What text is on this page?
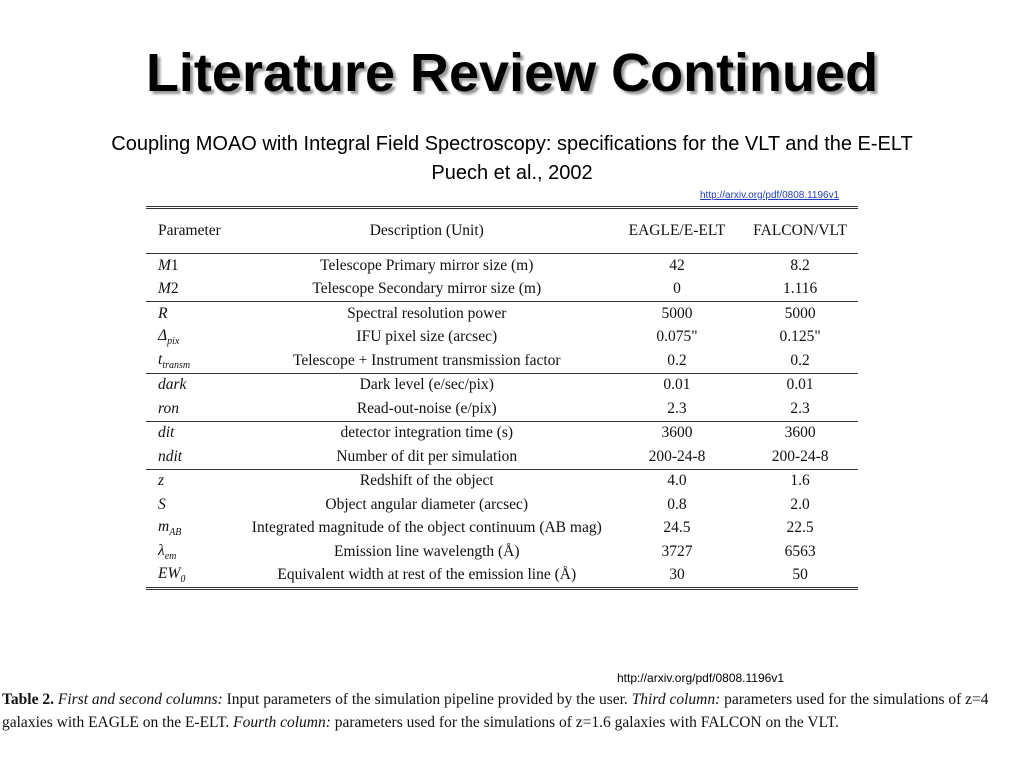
Literature Review Continued
Coupling MOAO with Integral Field Spectroscopy: specifications for the VLT and the E-ELT
Puech et al., 2002
http://arxiv.org/pdf/0808.1196v1
Parameter	Description (Unit)	EAGLE/E-ELT	FALCON/VLT
M1	Telescope Primary mirror size (m)	42	8.2
M2	Telescope Secondary mirror size (m)	0	1.116
R	Spectral resolution power	5000	5000
$\Delta_{pix}$	IFU pixel size (arcsec)	0.075"	0.125"
$t_{transm}$	Telescope + Instrument transmission factor	0.2	0.2
dark	Dark level (e/sec/pix)	0.01	0.01
ron	Read-out-noise (e/pix)	2.3	2.3
dit	detector integration time (s)	3600	3600
ndit	Number of dit per simulation	200-24-8	200-24-8
z	Redshift of the object	4.0	1.6
S	Object angular diameter (arcsec)	0.8	2.0
$m_{AB}$	Integrated magnitude of the object continuum (AB mag)	24.5	22.5
$\lambda_{em}$	Emission line wavelength (Å)	3727	6563
$EW_0$	Equivalent width at rest of the emission line (Å)	30	50
http://arxiv.org/pdf/0808.1196v1
Table 2. First and second columns: Input parameters of the simulation pipeline provided by the user. Third column: parameters used for the simulations of z=4 galaxies with EAGLE on the E-ELT. Fourth column: parameters used for the simulations of z=1.6 galaxies with FALCON on the VLT.
